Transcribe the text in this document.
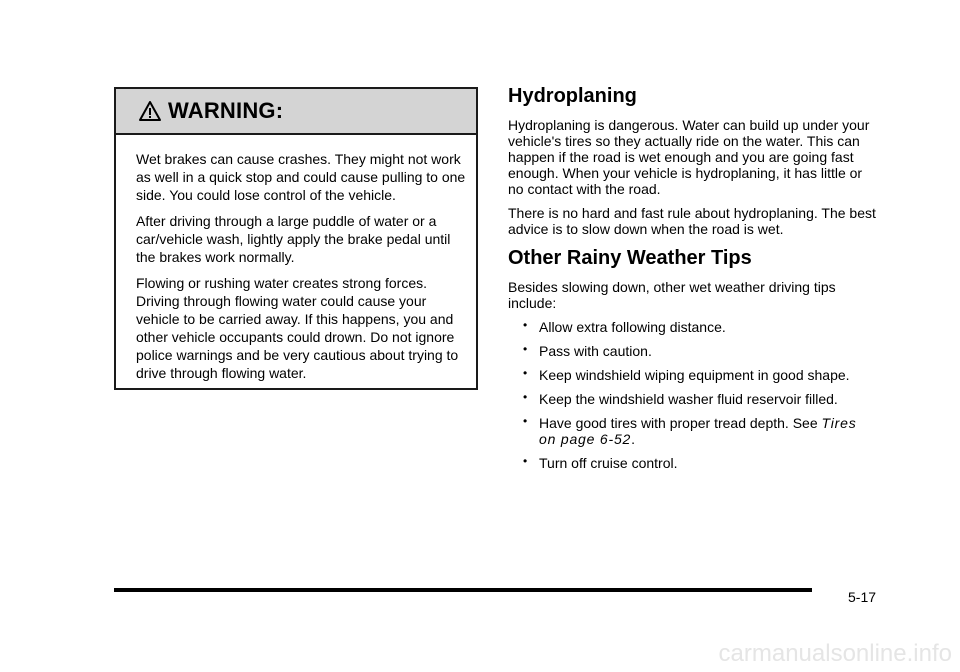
WARNING:

Wet brakes can cause crashes. They might not work as well in a quick stop and could cause pulling to one side. You could lose control of the vehicle.

After driving through a large puddle of water or a car/vehicle wash, lightly apply the brake pedal until the brakes work normally.

Flowing or rushing water creates strong forces. Driving through flowing water could cause your vehicle to be carried away. If this happens, you and other vehicle occupants could drown. Do not ignore police warnings and be very cautious about trying to drive through flowing water.

Hydroplaning

Hydroplaning is dangerous. Water can build up under your vehicle's tires so they actually ride on the water. This can happen if the road is wet enough and you are going fast enough. When your vehicle is hydroplaning, it has little or no contact with the road.

There is no hard and fast rule about hydroplaning. The best advice is to slow down when the road is wet.

Other Rainy Weather Tips

Besides slowing down, other wet weather driving tips include:

• Allow extra following distance.
• Pass with caution.
• Keep windshield wiping equipment in good shape.
• Keep the windshield washer fluid reservoir filled.
• Have good tires with proper tread depth. See Tires on page 6-52.
• Turn off cruise control.
5-17
carmanualsonline.info
